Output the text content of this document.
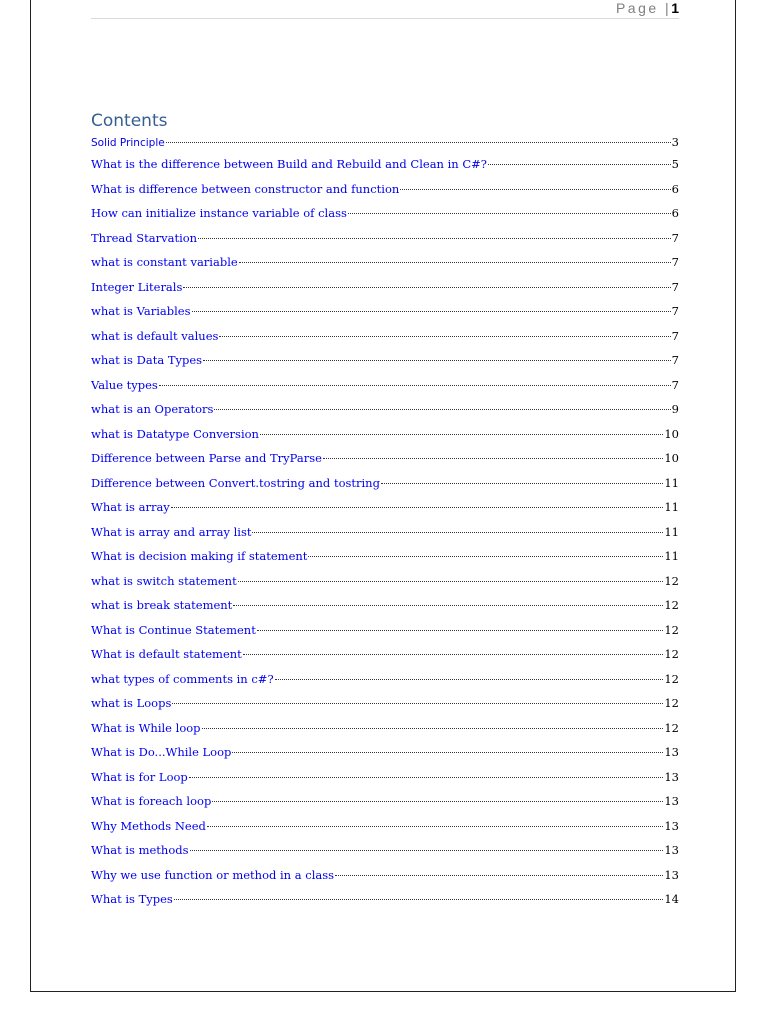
Page |1
Contents
Solid Principle	3
What is the difference between Build and Rebuild and Clean in C#?	5
What is difference between constructor and function	6
How can initialize instance variable of class	6
Thread Starvation	7
what is constant variable	7
Integer Literals	7
what is Variables	7
what is default values	7
what is Data Types	7
Value types	7
what is an Operators	9
what is Datatype Conversion	10
Difference between Parse and TryParse	10
Difference between Convert.tostring and tostring	11
What is array	11
What is array and array list	11
What is decision making if statement	11
what is switch statement	12
what is break statement	12
What is Continue Statement	12
What is default statement	12
what types of comments in c#?	12
what is Loops	12
What is While loop	12
What is Do...While Loop	13
What is for Loop	13
What is foreach loop	13
Why Methods Need	13
What is methods	13
Why we use function or method in a class	13
What is Types	14
